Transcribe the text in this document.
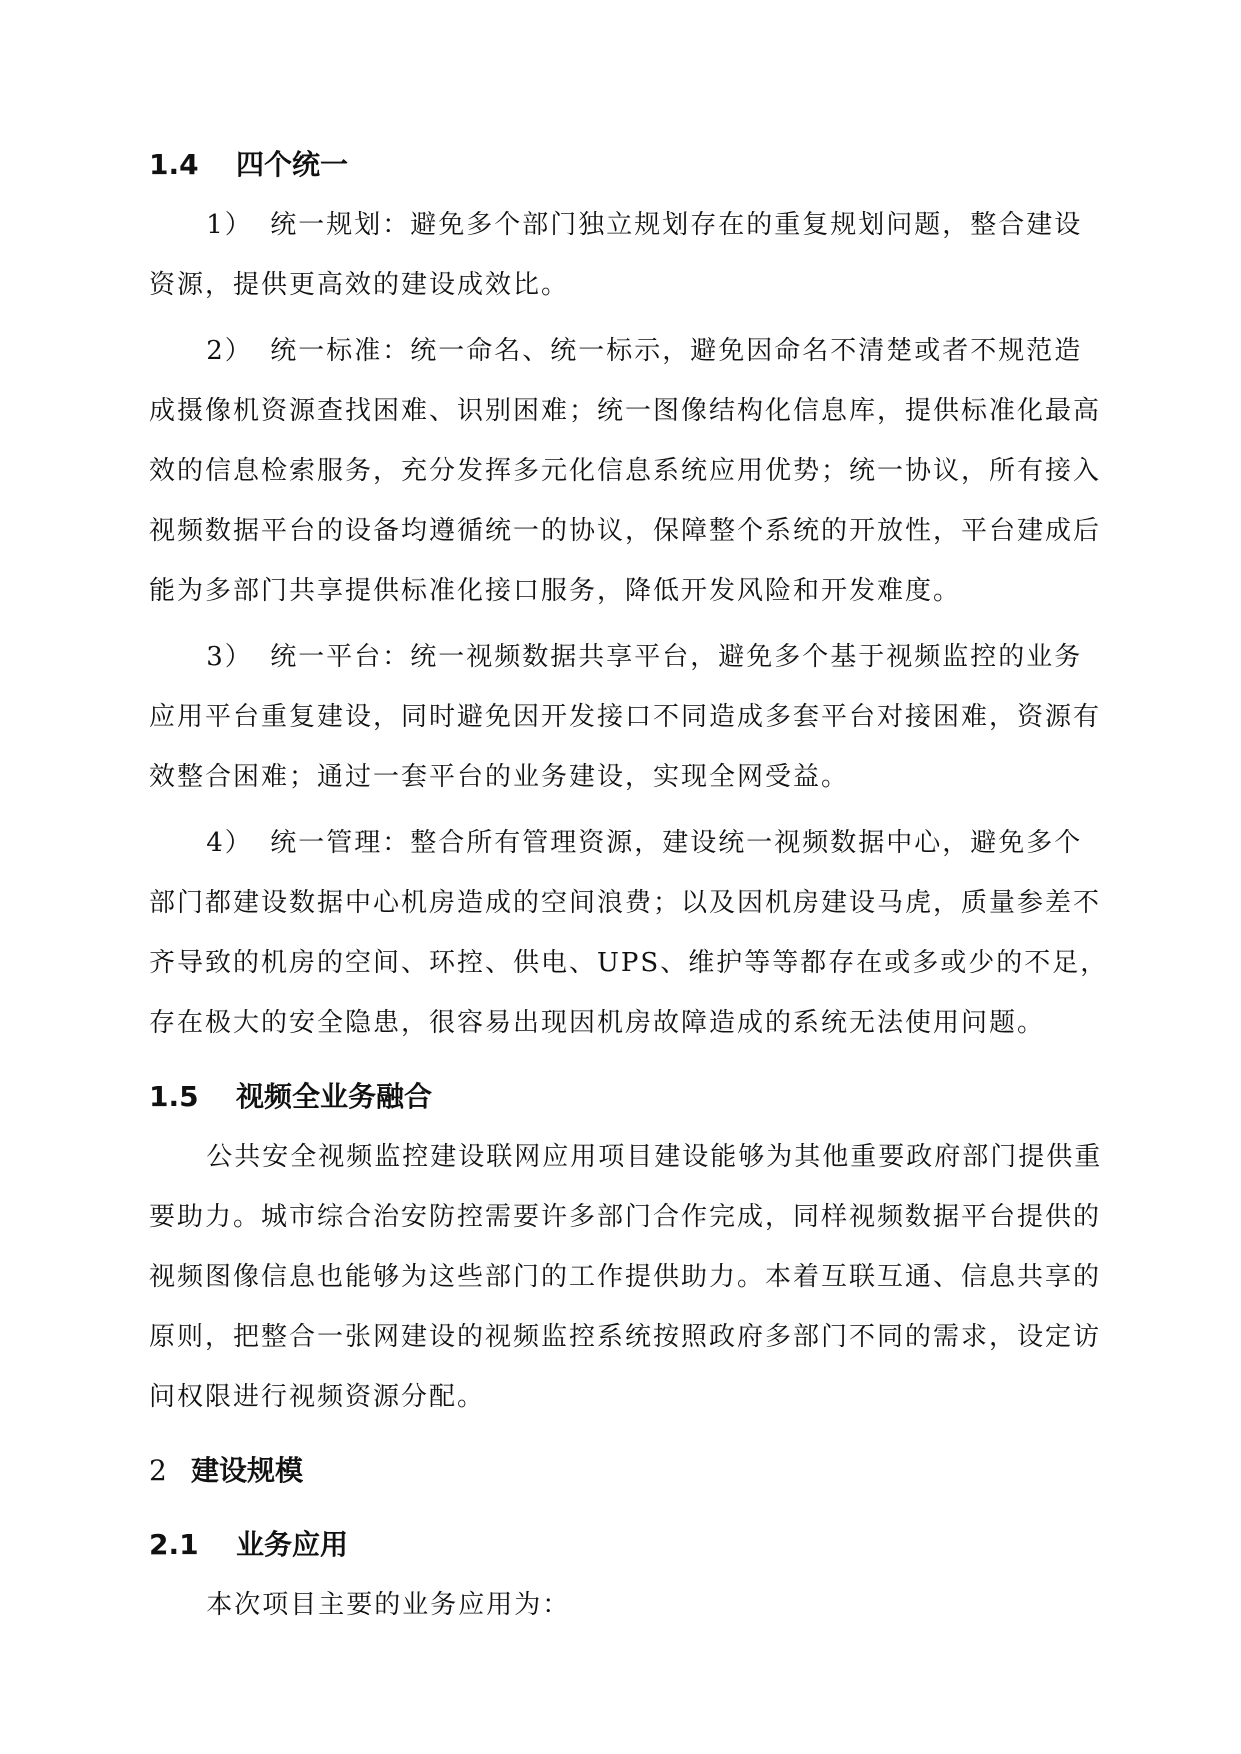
1.4	四个统一

1） 统一规划：避免多个部门独立规划存在的重复规划问题，整合建设资源，提供更高效的建设成效比。

2） 统一标准：统一命名、统一标示，避免因命名不清楚或者不规范造成摄像机资源查找困难、识别困难；统一图像结构化信息库，提供标准化最高效的信息检索服务，充分发挥多元化信息系统应用优势；统一协议，所有接入视频数据平台的设备均遵循统一的协议，保障整个系统的开放性，平台建成后能为多部门共享提供标准化接口服务，降低开发风险和开发难度。

3） 统一平台：统一视频数据共享平台，避免多个基于视频监控的业务应用平台重复建设，同时避免因开发接口不同造成多套平台对接困难，资源有效整合困难；通过一套平台的业务建设，实现全网受益。

4） 统一管理：整合所有管理资源，建设统一视频数据中心，避免多个部门都建设数据中心机房造成的空间浪费；以及因机房建设马虎，质量参差不齐导致的机房的空间、环控、供电、UPS、维护等等都存在或多或少的不足，存在极大的安全隐患，很容易出现因机房故障造成的系统无法使用问题。

1.5	视频全业务融合

公共安全视频监控建设联网应用项目建设能够为其他重要政府部门提供重要助力。城市综合治安防控需要许多部门合作完成，同样视频数据平台提供的视频图像信息也能够为这些部门的工作提供助力。本着互联互通、信息共享的原则，把整合一张网建设的视频监控系统按照政府多部门不同的需求，设定访问权限进行视频资源分配。

2 建设规模
2.1	业务应用

本次项目主要的业务应用为：
